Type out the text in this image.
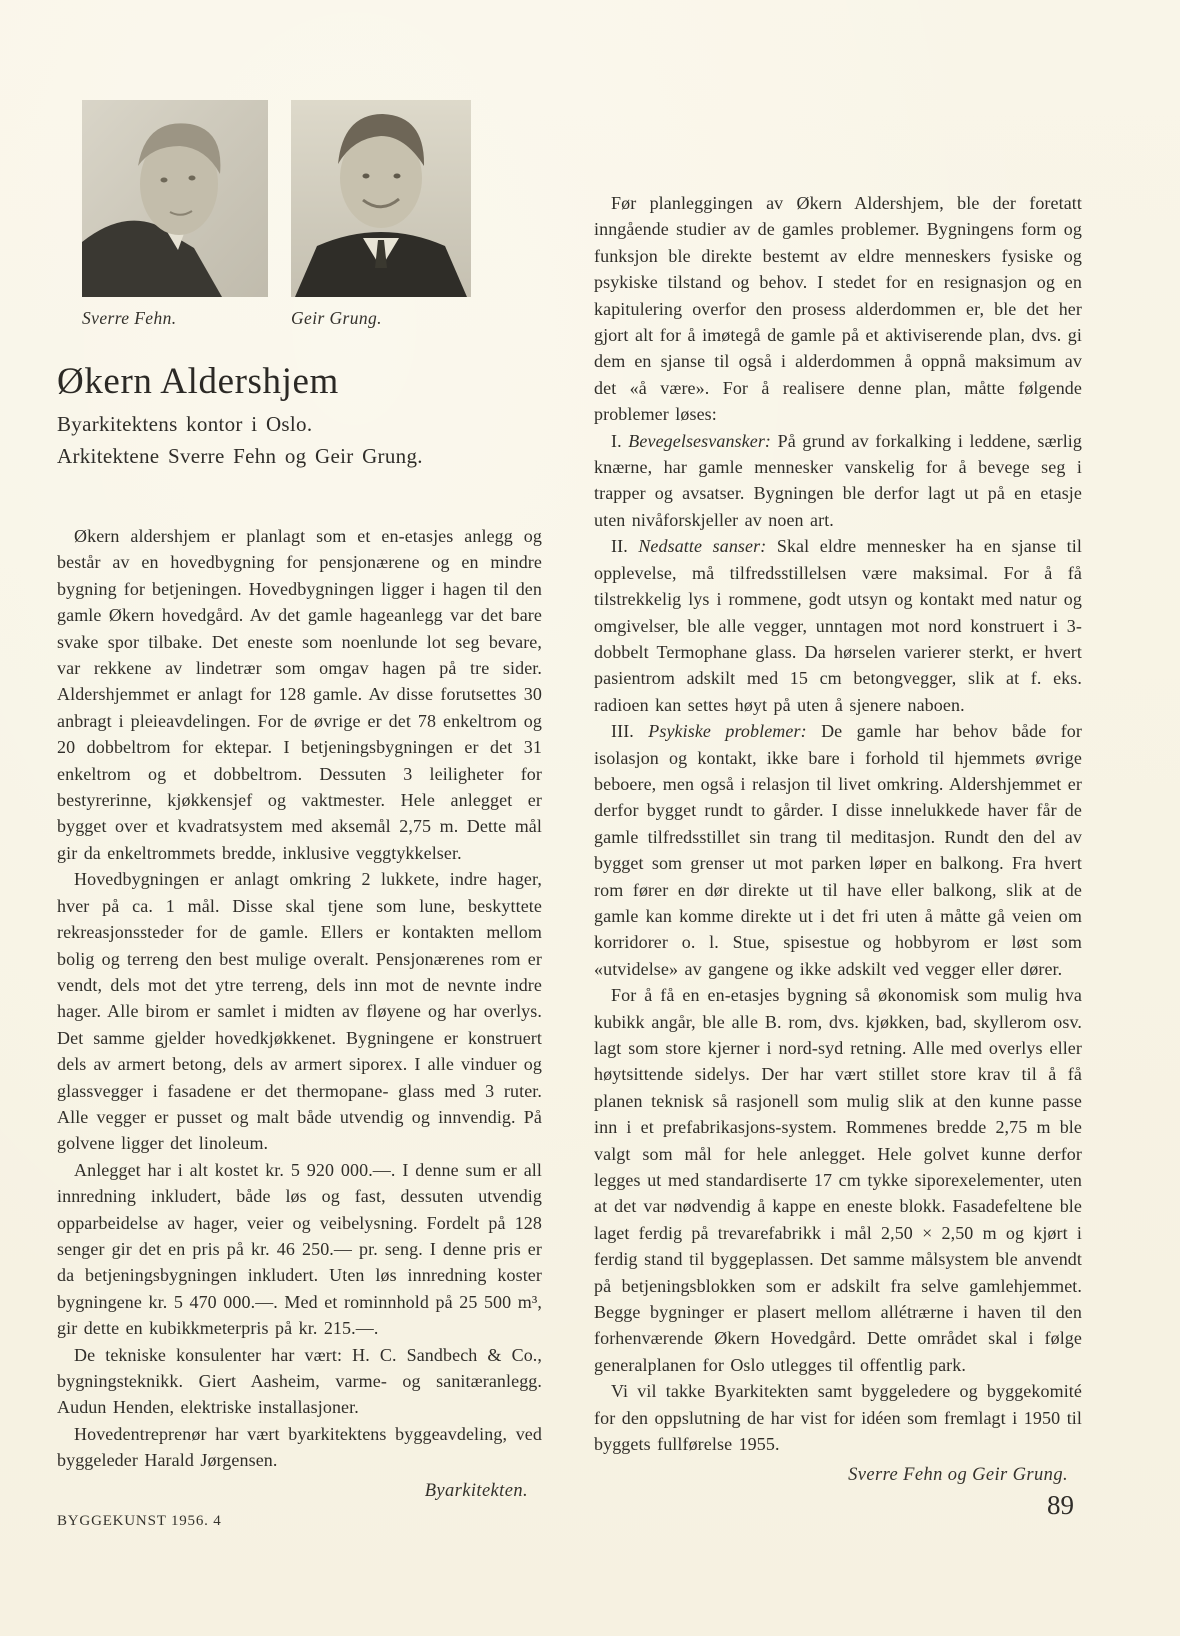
Sverre Fehn.	Geir Grung.
Økern Aldershjem

Byarkitektens kontor i Oslo.

Arkitektene Sverre Fehn og Geir Grung.

Økern aldershjem er planlagt som et en-etasjes anlegg og består av en hovedbygning for pensjonærene og en mindre bygning for betjeningen. Hovedbygningen ligger i hagen til den gamle Økern hovedgård. Av det gamle hageanlegg var det bare svake spor tilbake. Det eneste som noenlunde lot seg bevare, var rekkene av lindetrær som omgav hagen på tre sider. Aldershjemmet er anlagt for 128 gamle. Av disse forutsettes 30 anbragt i pleieavdelingen. For de øvrige er det 78 enkeltrom og 20 dobbeltrom for ektepar. I betjeningsbygningen er det 31 enkeltrom og et dobbeltrom. Dessuten 3 leiligheter for bestyrerinne, kjøkkensjef og vaktmester. Hele anlegget er bygget over et kvadratsystem med aksemål 2,75 m. Dette mål gir da enkeltrommets bredde, inklusive veggtykkelser.

Hovedbygningen er anlagt omkring 2 lukkete, indre hager, hver på ca. 1 mål. Disse skal tjene som lune, beskyttete rekreasjonssteder for de gamle. Ellers er kontakten mellom bolig og terreng den best mulige overalt. Pensjonærenes rom er vendt, dels mot det ytre terreng, dels inn mot de nevnte indre hager. Alle birom er samlet i midten av fløyene og har overlys. Det samme gjelder hovedkjøkkenet. Bygningene er konstruert dels av armert betong, dels av armert siporex. I alle vinduer og glassvegger i fasadene er det thermopane- glass med 3 ruter. Alle vegger er pusset og malt både utvendig og innvendig. På golvene ligger det linoleum.

Anlegget har i alt kostet kr. 5 920 000.—. I denne sum er all innredning inkludert, både løs og fast, dessuten utvendig opparbeidelse av hager, veier og veibelysning. Fordelt på 128 senger gir det en pris på kr. 46 250.— pr. seng. I denne pris er da betjeningsbygningen inkludert. Uten løs innredning koster bygningene kr. 5 470 000.—. Med et rominnhold på 25 500 m³, gir dette en kubikkmeterpris på kr. 215.—.

De tekniske konsulenter har vært: H. C. Sandbech & Co., bygningsteknikk. Giert Aasheim, varme- og sanitæranlegg. Audun Henden, elektriske installasjoner.

Hovedentreprenør har vært byarkitektens byggeavdeling, ved byggeleder Harald Jørgensen.

Byarkitekten.

Før planleggingen av Økern Aldershjem, ble der foretatt inngående studier av de gamles problemer. Bygningens form og funksjon ble direkte bestemt av eldre menneskers fysiske og psykiske tilstand og behov. I stedet for en resignasjon og en kapitulering overfor den prosess alderdommen er, ble det her gjort alt for å imøtegå de gamle på et aktiviserende plan, dvs. gi dem en sjanse til også i alderdommen å oppnå maksimum av det «å være». For å realisere denne plan, måtte følgende problemer løses:

I. Bevegelsesvansker: På grund av forkalking i leddene, særlig knærne, har gamle mennesker vanskelig for å bevege seg i trapper og avsatser. Bygningen ble derfor lagt ut på en etasje uten nivåforskjeller av noen art.

II. Nedsatte sanser: Skal eldre mennesker ha en sjanse til opplevelse, må tilfredsstillelsen være maksimal. For å få tilstrekkelig lys i rommene, godt utsyn og kontakt med natur og omgivelser, ble alle vegger, unntagen mot nord konstruert i 3-dobbelt Termophane glass. Da hørselen varierer sterkt, er hvert pasientrom adskilt med 15 cm betongvegger, slik at f. eks. radioen kan settes høyt på uten å sjenere naboen.

III. Psykiske problemer: De gamle har behov både for isolasjon og kontakt, ikke bare i forhold til hjemmets øvrige beboere, men også i relasjon til livet omkring. Aldershjemmet er derfor bygget rundt to gårder. I disse innelukkede haver får de gamle tilfredsstillet sin trang til meditasjon. Rundt den del av bygget som grenser ut mot parken løper en balkong. Fra hvert rom fører en dør direkte ut til have eller balkong, slik at de gamle kan komme direkte ut i det fri uten å måtte gå veien om korridorer o. l. Stue, spisestue og hobbyrom er løst som «utvidelse» av gangene og ikke adskilt ved vegger eller dører.

For å få en en-etasjes bygning så økonomisk som mulig hva kubikk angår, ble alle B. rom, dvs. kjøkken, bad, skyllerom osv. lagt som store kjerner i nord-syd retning. Alle med overlys eller høytsittende sidelys. Der har vært stillet store krav til å få planen teknisk så rasjonell som mulig slik at den kunne passe inn i et prefabrikasjons-system. Rommenes bredde 2,75 m ble valgt som mål for hele anlegget. Hele golvet kunne derfor legges ut med standardiserte 17 cm tykke siporexelementer, uten at det var nødvendig å kappe en eneste blokk. Fasadefeltene ble laget ferdig på trevarefabrikk i mål 2,50 × 2,50 m og kjørt i ferdig stand til byggeplassen. Det samme målsystem ble anvendt på betjeningsblokken som er adskilt fra selve gamlehjemmet. Begge bygninger er plasert mellom allétrærne i haven til den forhenværende Økern Hovedgård. Dette området skal i følge generalplanen for Oslo utlegges til offentlig park.

Vi vil takke Byarkitekten samt byggeledere og byggekomité for den oppslutning de har vist for idéen som fremlagt i 1950 til byggets fullførelse 1955.

Sverre Fehn og Geir Grung.

BYGGEKUNST 1956. 4
89
